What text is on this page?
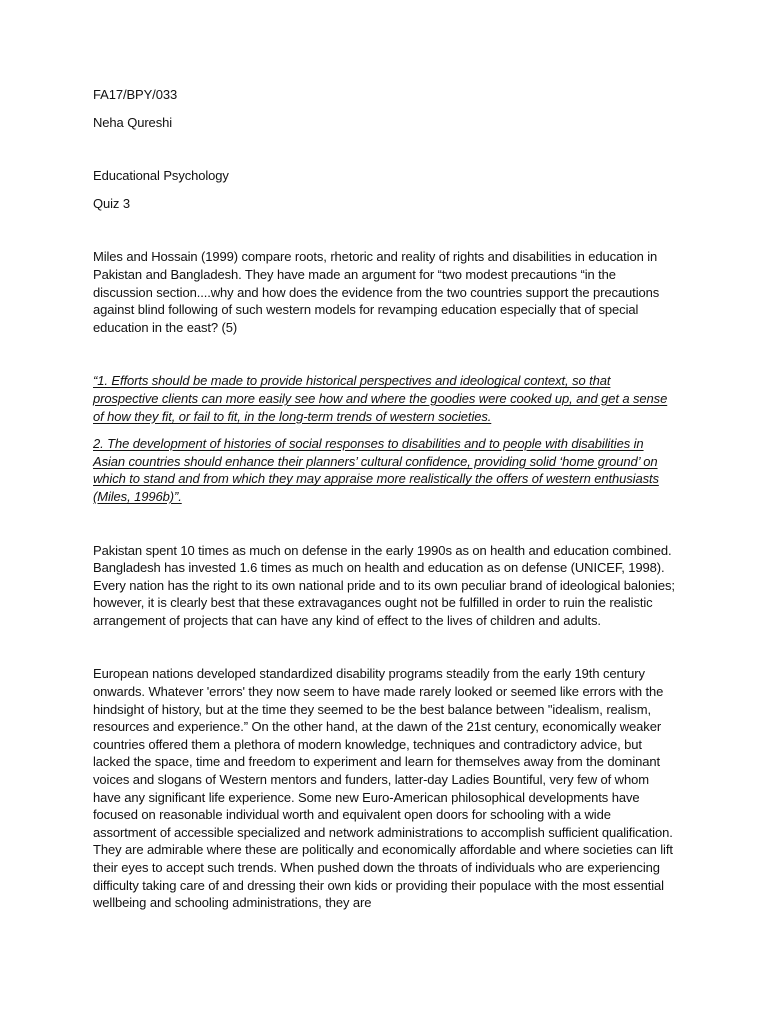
FA17/BPY/033

Neha Qureshi

Educational Psychology

Quiz 3

Miles and Hossain (1999) compare roots, rhetoric and reality of rights and disabilities in education in Pakistan and Bangladesh. They have made an argument for “two modest precautions “in the discussion section....why and how does the evidence from the two countries support the precautions against blind following of such western models for revamping education especially that of special education in the east? (5)

“1. Efforts should be made to provide historical perspectives and ideological context, so that prospective clients can more easily see how and where the goodies were cooked up, and get a sense of how they fit, or fail to fit, in the long-term trends of western societies.

2. The development of histories of social responses to disabilities and to people with disabilities in Asian countries should enhance their planners’ cultural confidence, providing solid ‘home ground’ on which to stand and from which they may appraise more realistically the offers of western enthusiasts (Miles, 1996b)”.

Pakistan spent 10 times as much on defense in the early 1990s as on health and education combined. Bangladesh has invested 1.6 times as much on health and education as on defense (UNICEF, 1998). Every nation has the right to its own national pride and to its own peculiar brand of ideological balonies; however, it is clearly best that these extravagances ought not be fulfilled in order to ruin the realistic arrangement of projects that can have any kind of effect to the lives of children and adults.

European nations developed standardized disability programs steadily from the early 19th century onwards. Whatever 'errors' they now seem to have made rarely looked or seemed like errors with the hindsight of history, but at the time they seemed to be the best balance between "idealism, realism, resources and experience.” On the other hand, at the dawn of the 21st century, economically weaker countries offered them a plethora of modern knowledge, techniques and contradictory advice, but lacked the space, time and freedom to experiment and learn for themselves away from the dominant voices and slogans of Western mentors and funders, latter-day Ladies Bountiful, very few of whom have any significant life experience. Some new Euro-American philosophical developments have focused on reasonable individual worth and equivalent open doors for schooling with a wide assortment of accessible specialized and network administrations to accomplish sufficient qualification. They are admirable where these are politically and economically affordable and where societies can lift their eyes to accept such trends. When pushed down the throats of individuals who are experiencing difficulty taking care of and dressing their own kids or providing their populace with the most essential wellbeing and schooling administrations, they are
